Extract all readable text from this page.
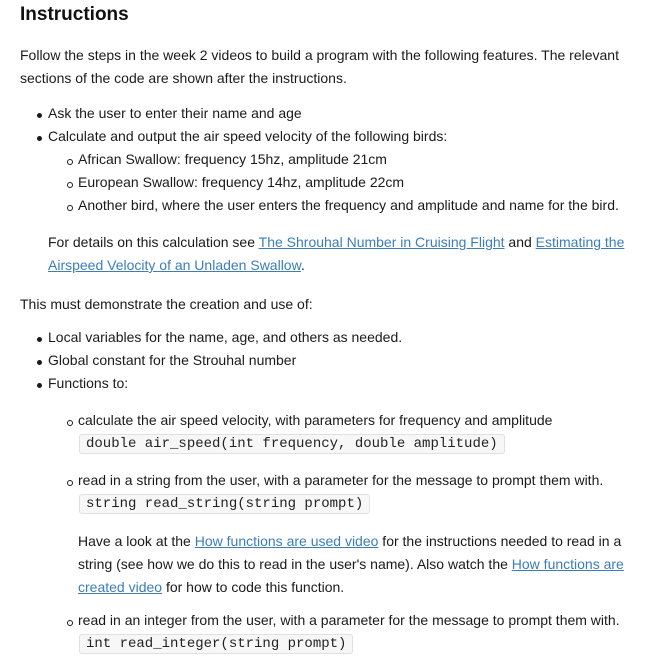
Instructions

Follow the steps in the week 2 videos to build a program with the following features. The relevant sections of the code are shown after the instructions.

Ask the user to enter their name and age
Calculate and output the air speed velocity of the following birds:
African Swallow: frequency 15hz, amplitude 21cm
European Swallow: frequency 14hz, amplitude 22cm
Another bird, where the user enters the frequency and amplitude and name for the bird.
For details on this calculation see The Shrouhal Number in Cruising Flight and Estimating the
Airspeed Velocity of an Unladen Swallow.

This must demonstrate the creation and use of:

Local variables for the name, age, and others as needed.
Global constant for the Strouhal number
Functions to:
calculate the air speed velocity, with parameters for frequency and amplitude
double air_speed(int frequency, double amplitude)
read in a string from the user, with a parameter for the message to prompt them with.
string read_string(string prompt)
Have a look at the How functions are used video for the instructions needed to read in a
string (see how we do this to read in the user's name). Also watch the How functions are
created video for how to code this function.
read in an integer from the user, with a parameter for the message to prompt them with.
int read_integer(string prompt)
